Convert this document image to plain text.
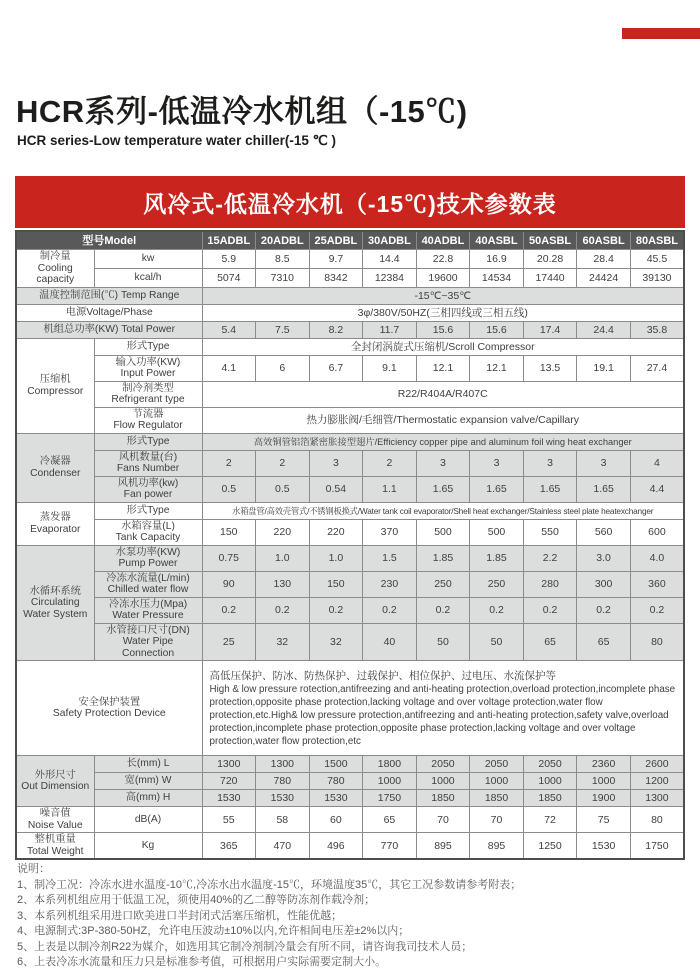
HCR系列-低温冷水机组（-15℃)
HCR series-Low temperature water chiller(-15 ℃ )
风冷式-低温冷水机（-15℃)技术参数表
型号Model		15ADBL	20ADBL	25ADBL	30ADBL	40ADBL	40ASBL	50ASBL	60ASBL	80ASBL

制冷量
Cooling capacity	kw	5.9	8.5	9.7	14.4	22.8	16.9	20.28	28.4	45.5

	kcal/h	5074	7310	8342	12384	19600	14534	17440	24424	39130

温度控制范围(℃) Temp Range		-15℃~35℃								

电源Voltage/Phase		3φ/380V/50HZ(三相四线或三相五线)								

机组总功率(KW) Total Power		5.4	7.5	8.2	11.7	15.6	15.6	17.4	24.4	35.8

压缩机
Compressor	形式Type	全封闭涡旋式压缩机/Scroll Compressor								

	输入功率(KW)
Input Power	4.1	6	6.7	9.1	12.1	12.1	13.5	19.1	27.4

	制冷剂类型
Refrigerant type	R22/R404A/R407C								

	节流器
Flow Regulator	热力膨胀阀/毛细管/Thermostatic expansion valve/Capillary								

冷凝器
Condenser	形式Type	高效铜管铝箔紧密胀接型翅片/Efficiency copper pipe and aluminum foil wing heat exchanger								

	风机数量(台)
Fans Number	2	2	3	2	3	3	3	3	4

	风机功率(kw)
Fan power	0.5	0.5	0.54	1.1	1.65	1.65	1.65	1.65	4.4

蒸发器
Evaporator	形式Type	水箱盘管/高效壳管式/不锈钢板换式/Water tank coil evaporator/Shell heat exchanger/Stainless steel plate heatexchanger								

	水箱容量(L)
Tank Capacity	150	220	220	370	500	500	550	560	600

水循环系统
Circulating Water System

水泵功率(KW)
Pump Power	0.75	1.0	1.0	1.5	1.85	1.85	2.2	3.0	4.0

	冷冻水流量(L/min)
Chilled water flow	90	130	150	230	250	250	280	300	360

	冷冻水压力(Mpa)
Water Pressure	0.2	0.2	0.2	0.2	0.2	0.2	0.2	0.2	0.2

	水管接口尺寸(DN)
Water Pipe Connection	25	32	32	40	50	50	65	65	80

安全保护装置
Safety Protection Device

高低压保护、防冰、防热保护、过载保护、相位保护、过电压、水流保护等
High & low pressure rotection,antifreezing and anti-heating protection,overload protection,incomplete phase protection,opposite phase protection,lacking voltage and over voltage protection,water flow protection,etc.High& low pressure protection,antifreezing and anti-heating protection,safety valve,overload protection,incomplete phase protection,opposite phase protection,lacking voltage and over voltage protection,water flow protection,etc

外形尺寸
Out Dimension	长(mm) L	1300	1300	1500	1800	2050	2050	2050	2360	2600

	宽(mm) W	720	780	780	1000	1000	1000	1000	1000	1200

	高(mm) H	1530	1530	1530	1750	1850	1850	1850	1900	1300

噪音值
Noise Value	dB(A)	55	58	60	65	70	70	72	75	80

整机重量
Total Weight	Kg	365	470	496	770	895	895	1250	1530	1750
说明：
1、制冷工况：冷冻水进水温度-10℃,冷冻水出水温度-15℃，环境温度35℃，其它工况参数请参考附表；
2、本系列机组应用于低温工况，须使用40%的乙二醇等防冻剂作载冷剂；
3、本系列机组采用进口欧美进口半封闭式活塞压缩机，性能优越；
4、电源制式:3P-380-50HZ，允许电压波动±10%以内,允许相间电压差±2%以内；
5、上表是以制冷剂R22为媒介，如选用其它制冷剂制冷量会有所不同，请咨询我司技术人员；
6、上表冷冻水流量和压力只是标准参考值，可根据用户实际需要定制大小。
